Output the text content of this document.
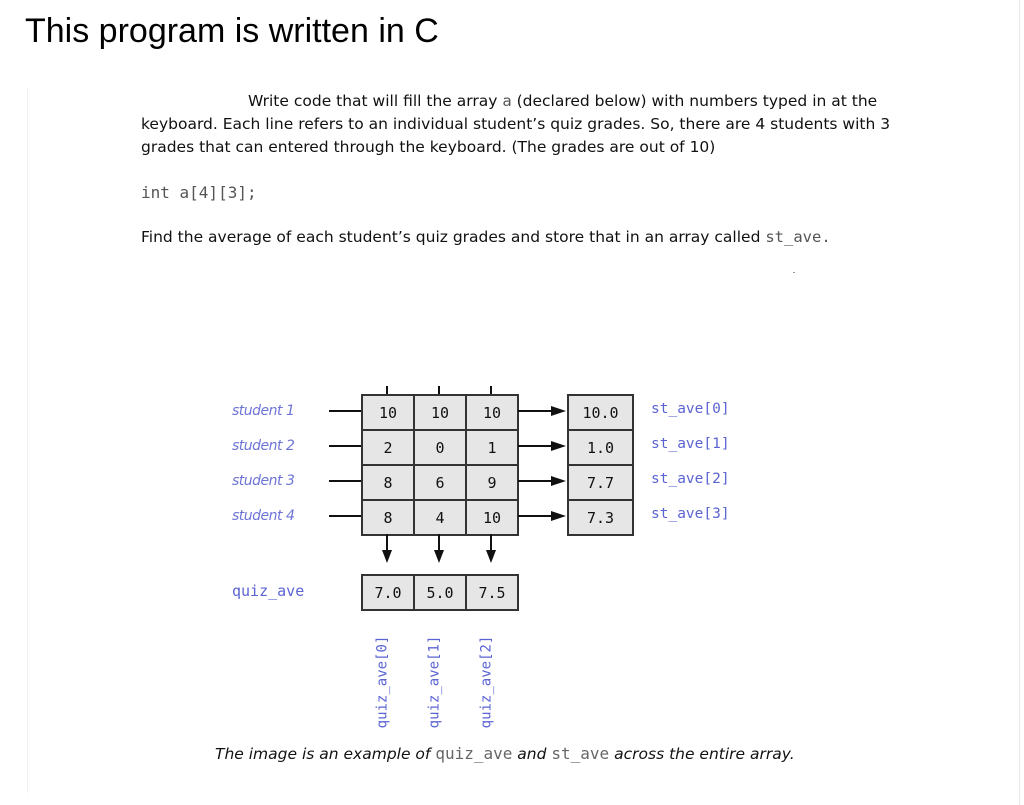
This program is written in C

Write code that will fill the array a (declared below) with numbers typed in at the
keyboard. Each line refers to an individual student’s quiz grades. So, there are 4 students with 3
grades that can entered through the keyboard. (The grades are out of 10)

int a[4][3];

Find the average of each student’s quiz grades and store that in an array called st_ave.

student 1
student 2
student 3
student 4
10	10	10
2	0	1
8	6	9
8	4	10
10.0
1.0
7.7
7.3
st_ave[0]
st_ave[1]
st_ave[2]
st_ave[3]
quiz_ave	7.0	5.0	7.5
quiz_ave[0]	quiz_ave[1]	quiz_ave[2]

The image is an example of quiz_ave and st_ave across the entire array.
